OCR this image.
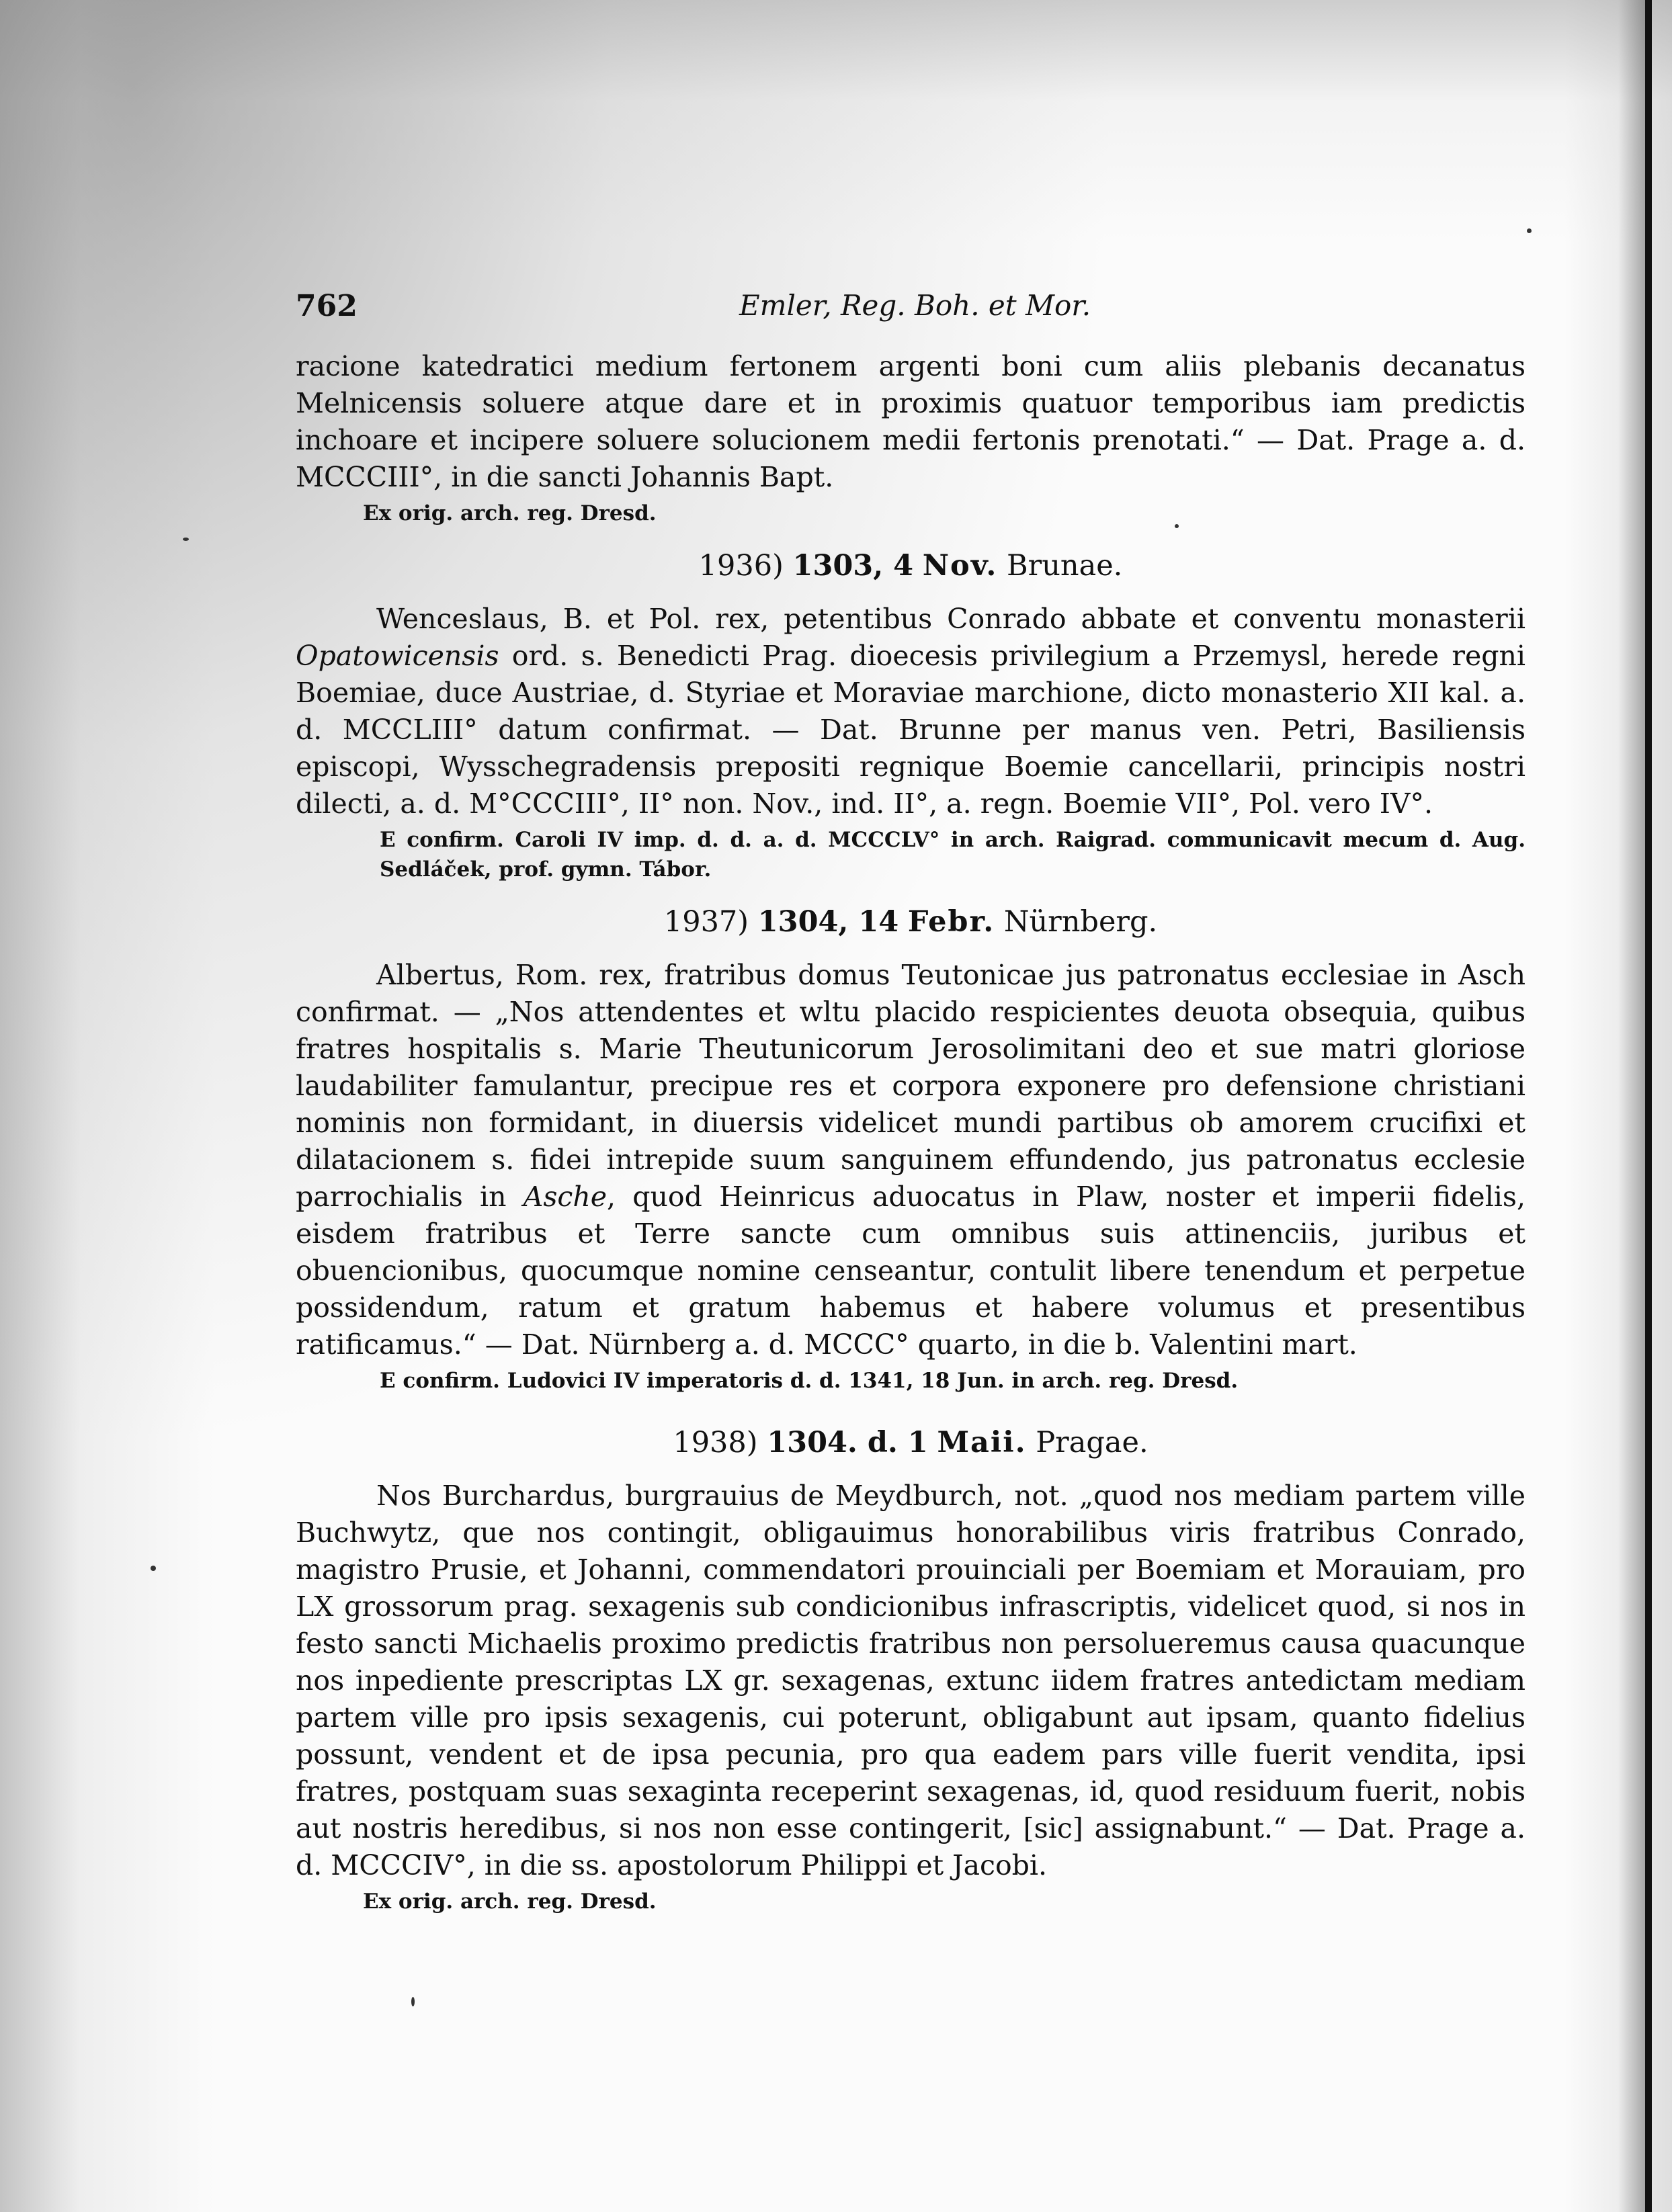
762	Emler, Reg. Boh. et Mor.

racione katedratici medium fertonem argenti boni cum aliis plebanis decanatus Melnicensis soluere atque dare et in proximis quatuor temporibus iam predictis inchoare et incipere soluere solucionem medii fertonis prenotati.“ — Dat. Prage a. d. MCCCIII°, in die sancti Johannis Bapt.

Ex orig. arch. reg. Dresd.
1936) 1303, 4 Nov. Brunae.

Wenceslaus, B. et Pol. rex, petentibus Conrado abbate et conventu monasterii Opatowicensis ord. s. Benedicti Prag. dioecesis privilegium a Przemysl, herede regni Boemiae, duce Austriae, d. Styriae et Moraviae marchione, dicto monasterio XII kal. a. d. MCCLIII° datum confirmat. — Dat. Brunne per manus ven. Petri, Basiliensis episcopi, Wysschegradensis prepositi regnique Boemie cancellarii, principis nostri dilecti, a. d. M°CCCIII°, II° non. Nov., ind. II°, a. regn. Boemie VII°, Pol. vero IV°.

E confirm. Caroli IV imp. d. d. a. d. MCCCLV° in arch. Raigrad. communicavit mecum d. Aug. Sedláček, prof. gymn. Tábor.
1937) 1304, 14 Febr. Nürnberg.

Albertus, Rom. rex, fratribus domus Teutonicae jus patronatus ecclesiae in Asch confirmat. — „Nos attendentes et wltu placido respicientes deuota obsequia, quibus fratres hospitalis s. Marie Theutunicorum Jerosolimitani deo et sue matri gloriose laudabiliter famulantur, precipue res et corpora exponere pro defensione christiani nominis non formidant, in diuersis videlicet mundi partibus ob amorem crucifixi et dilatacionem s. fidei intrepide suum sanguinem effundendo, jus patronatus ecclesie parrochialis in Asche, quod Heinricus aduocatus in Plaw, noster et imperii fidelis, eisdem fratribus et Terre sancte cum omnibus suis attinenciis, juribus et obuencionibus, quocumque nomine censeantur, contulit libere tenendum et perpetue possidendum, ratum et gratum habemus et habere volumus et presentibus ratificamus.“ — Dat. Nürnberg a. d. MCCC° quarto, in die b. Valentini mart.

E confirm. Ludovici IV imperatoris d. d. 1341, 18 Jun. in arch. reg. Dresd.
1938) 1304. d. 1 Maii. Pragae.

Nos Burchardus, burgrauius de Meydburch, not. „quod nos mediam partem ville Buchwytz, que nos contingit, obligauimus honorabilibus viris fratribus Conrado, magistro Prusie, et Johanni, commendatori prouinciali per Boemiam et Morauiam, pro LX grossorum prag. sexagenis sub condicionibus infrascriptis, videlicet quod, si nos in festo sancti Michaelis proximo predictis fratribus non persolueremus causa quacunque nos inpediente prescriptas LX gr. sexagenas, extunc iidem fratres antedictam mediam partem ville pro ipsis sexagenis, cui poterunt, obligabunt aut ipsam, quanto fidelius possunt, vendent et de ipsa pecunia, pro qua eadem pars ville fuerit vendita, ipsi fratres, postquam suas sexaginta receperint sexagenas, id, quod residuum fuerit, nobis aut nostris heredibus, si nos non esse contingerit, [sic] assignabunt.“ — Dat. Prage a. d. MCCCIV°, in die ss. apostolorum Philippi et Jacobi.

Ex orig. arch. reg. Dresd.
